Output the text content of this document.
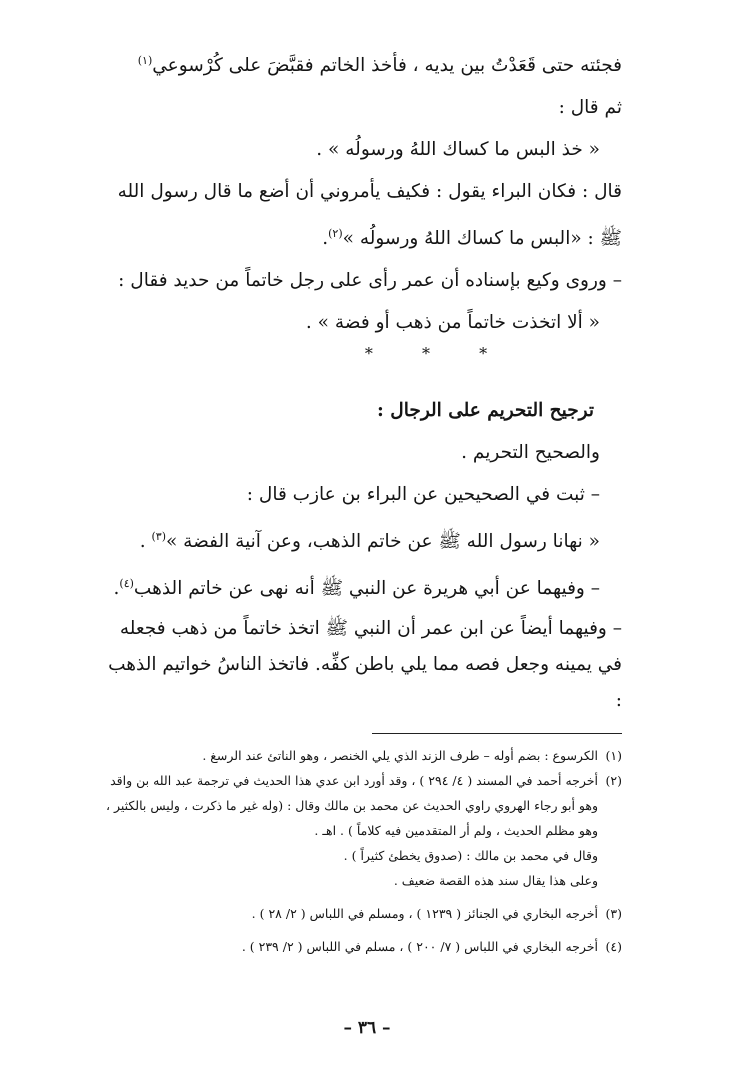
فجئته حتى قَعَدْتُ بين يديه ، فأخذ الخاتم فقبَّضَ على كُرْسوعي$^{(١)}$

ثم قال :

« خذ البس ما كساك اللهُ ورسولُه » .

قال : فكان البراء يقول : فكيف يأمروني أن أضع ما قال رسول الله ﷺ : «البس ما كساك اللهُ ورسولُه »$^{(٢)}$.

– وروى وكيع بإسناده أن عمر رأى على رجل خاتماً من حديد فقال :

« ألا اتخذت خاتماً من ذهب أو فضة » .

* * *

ترجيح التحريم على الرجال :

والصحيح التحريم .

– ثبت في الصحيحين عن البراء بن عازب قال :

« نهانا رسول الله ﷺ عن خاتم الذهب، وعن آنية الفضة »$^{(٣)}$ .

– وفيهما عن أبي هريرة عن النبي ﷺ أنه نهى عن خاتم الذهب$^{(٤)}$.

– وفيهما أيضاً عن ابن عمر أن النبي ﷺ اتخذ خاتماً من ذهب فجعله في يمينه وجعل فصه مما يلي باطن كفِّه. فاتخذ الناسُ خواتيم الذهب :

(١)
الكرسوع : بضم أوله – طرف الزند الذي يلي الخنصر ، وهو الناتئ عند الرسغ .
(٢)
أخرجه أحمد في المسند ( ٤/ ٢٩٤ ) ، وقد أورد ابن عدي هذا الحديث في ترجمة عبد الله بن واقد وهو أبو رجاء الهروي راوي الحديث عن محمد بن مالك وقال : (وله غير ما ذكرت ، وليس بالكثير ، وهو مظلم الحديث ، ولم أر المتقدمين فيه كلاماً ) . اهـ .
وقال في محمد بن مالك : (صدوق يخطئ كثيراً ) .
وعلى هذا يقال سند هذه القصة ضعيف .
(٣)
أخرجه البخاري في الجنائز ( ١٢٣٩ ) ، ومسلم في اللباس ( ٢/ ٢٨ ) .
(٤)
أخرجه البخاري في اللباس ( ٧/ ٢٠٠ ) ، مسلم في اللباس ( ٢/ ٢٣٩ ) .
– ٣٦ –
